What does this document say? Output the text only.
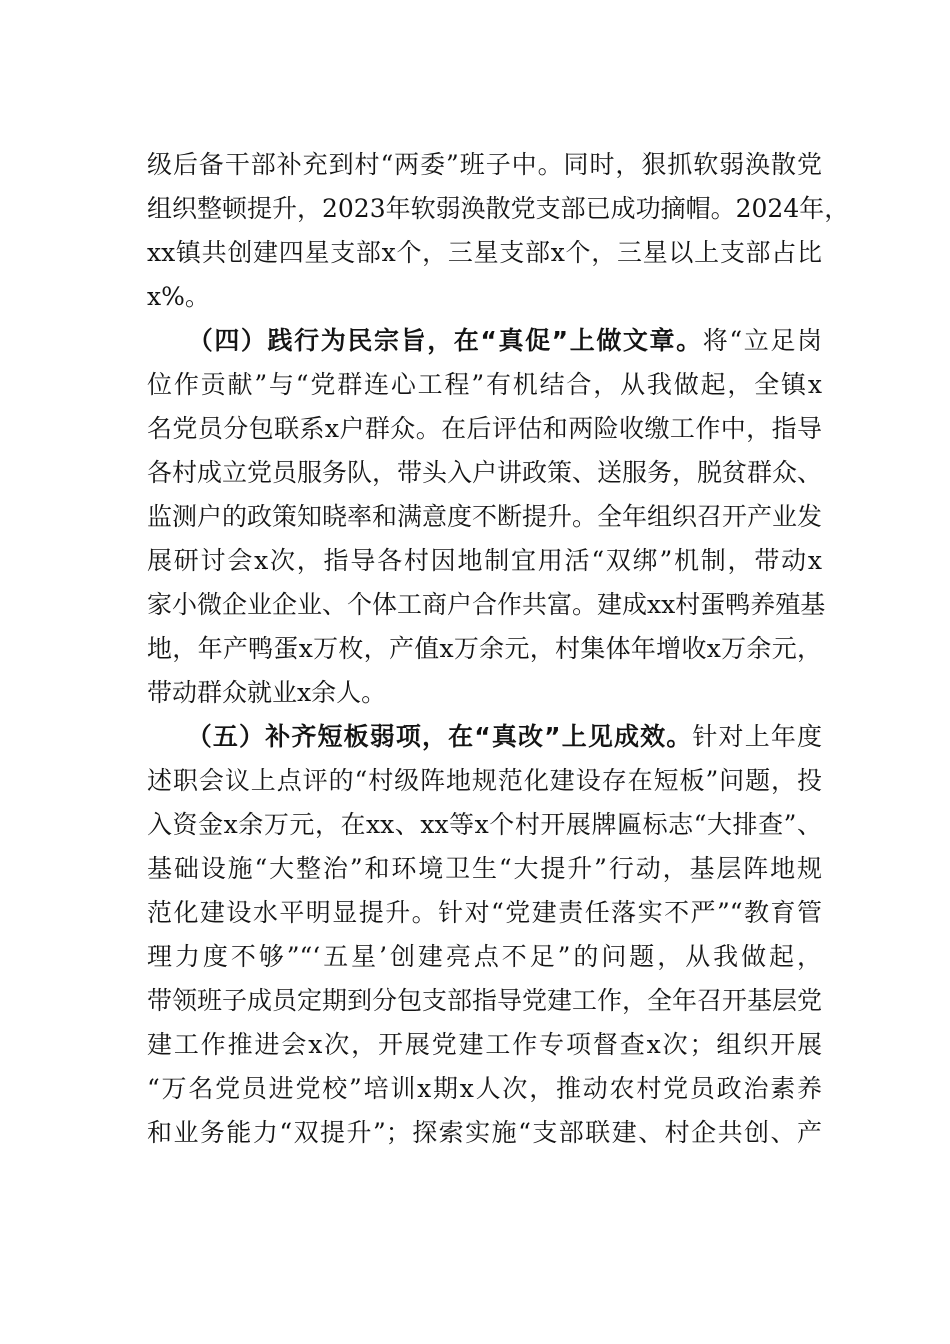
级后备干部补充到村“两委”班子中。同时，狠抓软弱涣散党
组织整顿提升，2023年软弱涣散党支部已成功摘帽。2024年，
xx镇共创建四星支部x个，三星支部x个，三星以上支部占比
x%。
　　（四）践行为民宗旨，在“真促”上做文章。将“立足岗
位作贡献”与“党群连心工程”有机结合，从我做起，全镇x
名党员分包联系x户群众。在后评估和两险收缴工作中，指导
各村成立党员服务队，带头入户讲政策、送服务，脱贫群众、
监测户的政策知晓率和满意度不断提升。全年组织召开产业发
展研讨会x次，指导各村因地制宜用活“双绑”机制，带动x
家小微企业企业、个体工商户合作共富。建成xx村蛋鸭养殖基
地，年产鸭蛋x万枚，产值x万余元，村集体年增收x万余元，
带动群众就业x余人。
　　（五）补齐短板弱项，在“真改”上见成效。针对上年度
述职会议上点评的“村级阵地规范化建设存在短板”问题，投
入资金x余万元，在xx、xx等x个村开展牌匾标志“大排查”、
基础设施“大整治”和环境卫生“大提升”行动，基层阵地规
范化建设水平明显提升。针对“党建责任落实不严”“教育管
理力度不够”“‘五星’创建亮点不足”的问题，从我做起，
带领班子成员定期到分包支部指导党建工作，全年召开基层党
建工作推进会x次，开展党建工作专项督查x次；组织开展
“万名党员进党校”培训x期x人次，推动农村党员政治素养
和业务能力“双提升”；探索实施“支部联建、村企共创、产
